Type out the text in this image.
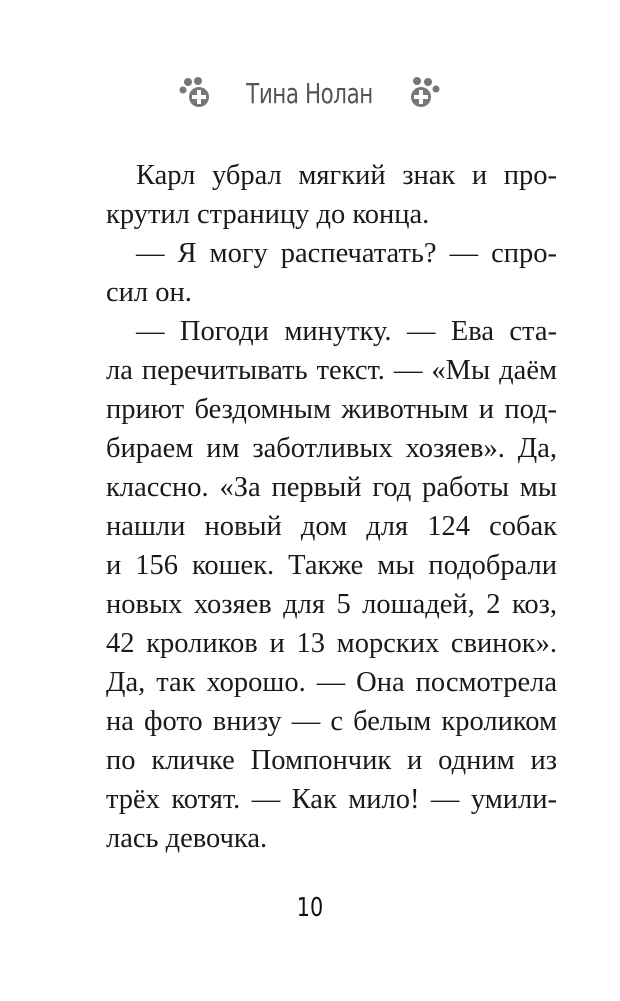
Тина Нолан
Карл убрал мягкий знак и про-
крутил страницу до конца.
— Я могу распечатать? — спро-
сил он.
— Погоди минутку. — Ева ста-
ла перечитывать текст. — «Мы даём
приют бездомным животным и под-
бираем им заботливых хозяев». Да,
классно. «За первый год работы мы
нашли новый дом для 124 собак
и 156 кошек. Также мы подобрали
новых хозяев для 5 лошадей, 2 коз,
42 кроликов и 13 морских свинок».
Да, так хорошо. — Она посмотрела
на фото внизу — с белым кроликом
по кличке Помпончик и одним из
трёх котят. — Как мило! — умили-
лась девочка.
10
